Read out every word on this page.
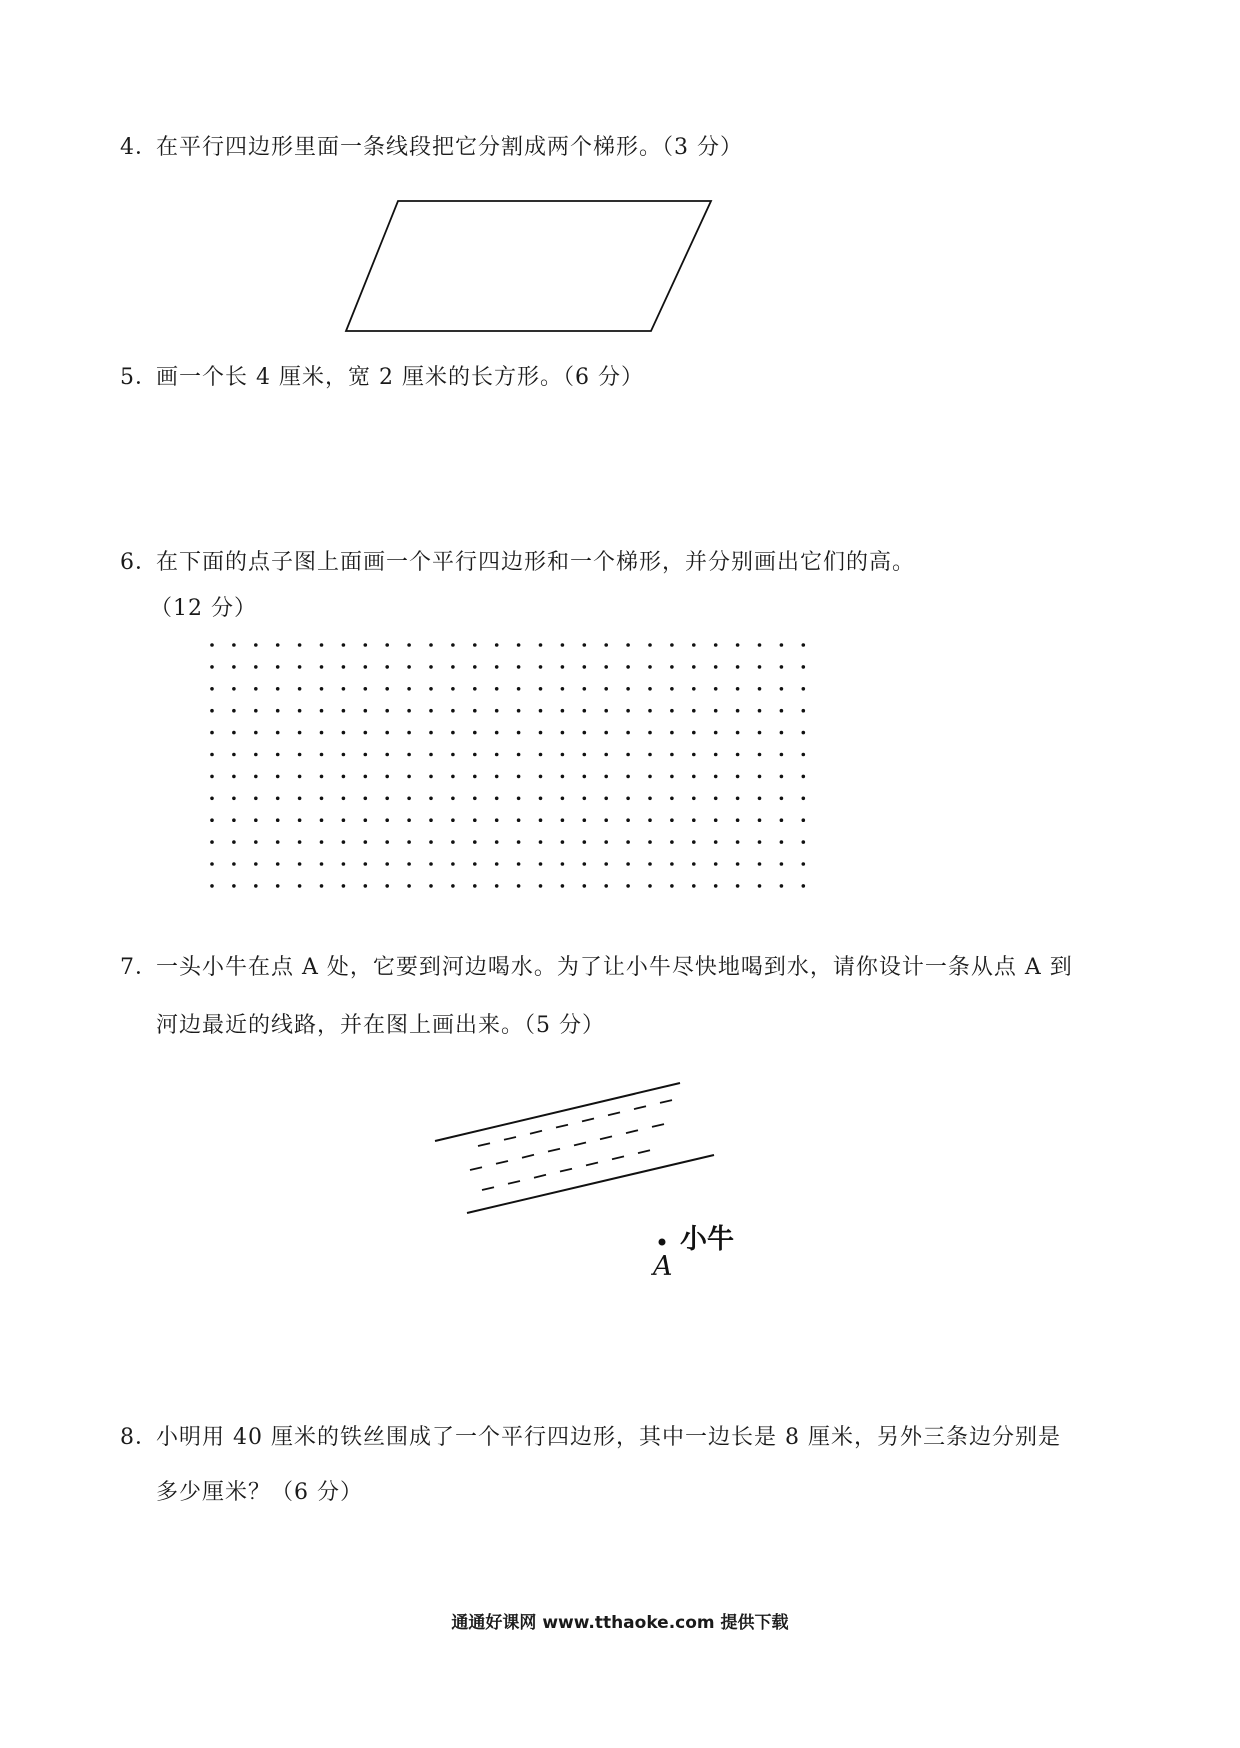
4．在平行四边形里面一条线段把它分割成两个梯形。（3 分）
5．画一个长 4 厘米，宽 2 厘米的长方形。（6 分）
6．在下面的点子图上面画一个平行四边形和一个梯形，并分别画出它们的高。
（12 分）
7．一头小牛在点 A 处，它要到河边喝水。为了让小牛尽快地喝到水，请你设计一条从点 A 到
河边最近的线路，并在图上画出来。（5 分）
8．小明用 40 厘米的铁丝围成了一个平行四边形，其中一边长是 8 厘米，另外三条边分别是
多少厘米？（6 分）
小牛
A
通通好课网 www.tthaoke.com 提供下载
